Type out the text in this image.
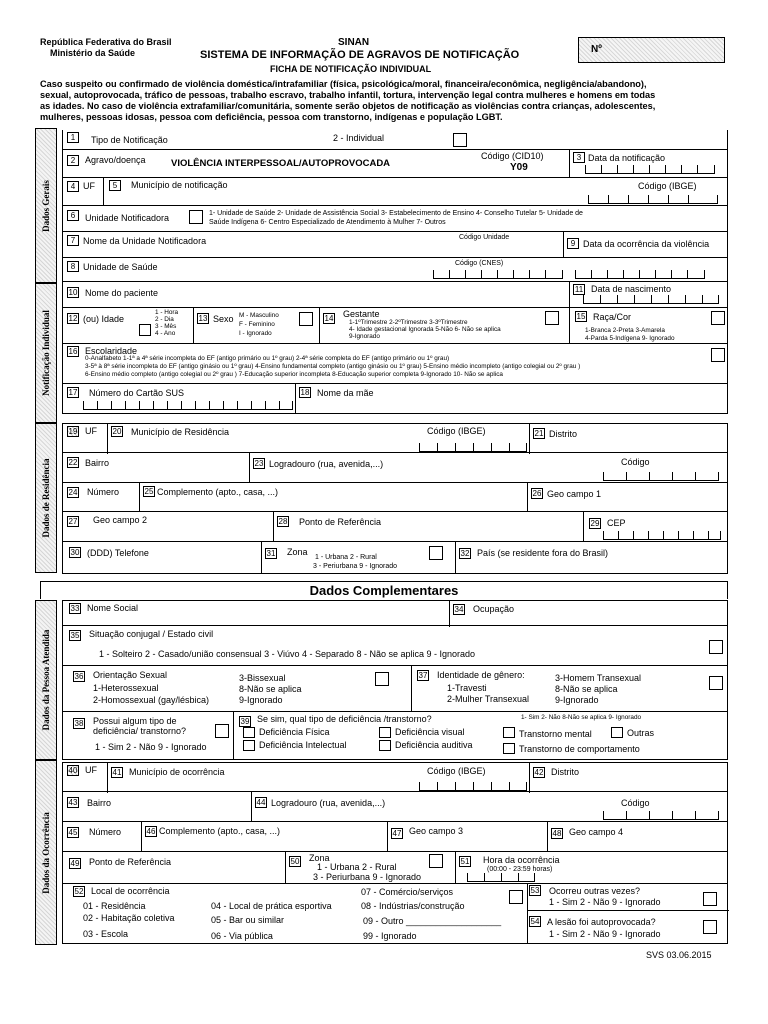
República Federativa do Brasil
Ministério da Saúde
SINAN
SISTEMA DE INFORMAÇÃO DE AGRAVOS DE NOTIFICAÇÃO
FICHA DE NOTIFICAÇÃO INDIVIDUAL
Nº
Caso suspeito ou confirmado de violência doméstica/intrafamiliar (física, psicológica/moral, financeira/econômica, negligência/abandono),
sexual, autoprovocada, tráfico de pessoas, trabalho escravo, trabalho infantil, tortura, intervenção legal contra mulheres e homens em todas
as idades. No caso de violência extrafamiliar/comunitária, somente serão objetos de notificação as violências contra crianças, adolescentes,
mulheres, pessoas idosas, pessoa com deficiência, pessoa com transtorno, indígenas e população LGBT.
Dados Gerais
Notificação Individual
Dados de Residência
Dados da Pessoa Atendida
Dados da Ocorrência
1	Tipo de Notificação	2 - Individual
2	Agravo/doença	VIOLÊNCIA INTERPESSOAL/AUTOPROVOCADA
Código (CID10)
Y09
3 Data da notificação
4 UF	5	Município de notificação	Código (IBGE)
6	Unidade Notificadora	1- Unidade de Saúde 2- Unidade de Assistência Social 3- Estabelecimento de Ensino 4- Conselho Tutelar 5- Unidade de
Saúde Indígena 6- Centro Especializado de Atendimento à Mulher 7- Outros
7 Nome da Unidade Notificadora	Código Unidade
9 Data da ocorrência da violência
8 Unidade de Saúde	Código (CNES)
10 Nome do paciente	11 Data de nascimento
12 (ou) Idade
1 - Hora
2 - Dia
3 - Mês
4 - Ano
13 Sexo M - Masculino
F - Feminino
I - Ignorado
14 Gestante
1-1ºTrimestre 2-2ºTrimestre 3-3ºTrimestre
4- Idade gestacional Ignorada 5-Não 6- Não se aplica
9-Ignorado
15 Raça/Cor
1-Branca 2-Preta 3-Amarela
4-Parda 5-Indígena 9- Ignorado
16 Escolaridade
0-Analfabeto 1-1ª a 4ª série incompleta do EF (antigo primário ou 1º grau) 2-4ª série completa do EF (antigo primário ou 1º grau)
3-5ª à 8ª série incompleta do EF (antigo ginásio ou 1º grau) 4-Ensino fundamental completo (antigo ginásio ou 1º grau) 5-Ensino médio incompleto (antigo colegial ou 2º grau )
6-Ensino médio completo (antigo colegial ou 2º grau ) 7-Educação superior incompleta 8-Educação superior completa 9-Ignorado 10- Não se aplica
17 Número do Cartão SUS	18 Nome da mãe
19 UF 20 Município de Residência	Código (IBGE)	21 Distrito
22 Bairro	23 Logradouro (rua, avenida,...)	Código
24 Número	25 Complemento (apto., casa, ...)	26 Geo campo 1
27 Geo campo 2	28 Ponto de Referência	29 CEP
30 (DDD) Telefone	31 Zona
1 - Urbana 2 - Rural
3 - Periurbana 9 - Ignorado
32 País (se residente fora do Brasil)
Dados Complementares
33 Nome Social	34 Ocupação
35 Situação conjugal / Estado civil
1 - Solteiro 2 - Casado/união consensual 3 - Viúvo 4 - Separado 8 - Não se aplica 9 - Ignorado
36 Orientação Sexual
1-Heterossexual
2-Homossexual (gay/lésbica)
3-Bissexual
8-Não se aplica
9-Ignorado
37 Identidade de gênero:
1-Travesti
2-Mulher Transexual
3-Homem Transexual
8-Não se aplica
9-Ignorado
38 Possui algum tipo de
deficiência/ transtorno?
1 - Sim 2 - Não 9 - Ignorado
39 Se sim, qual tipo de deficiência /transtorno?	1- Sim 2- Não 8-Não se aplica 9- Ignorado
Deficiência Física
Deficiência Intelectual
Deficiência visual
Deficiência auditiva
Transtorno mental	Outras
Transtorno de comportamento
40 UF 41 Município de ocorrência	Código (IBGE)	42 Distrito
43 Bairro	44 Logradouro (rua, avenida,...)	Código
45 Número	46 Complemento (apto., casa, ...)	47 Geo campo 3	48 Geo campo 4
49 Ponto de Referência	50 Zona
1 - Urbana 2 - Rural
3 - Periurbana 9 - Ignorado
51 Hora da ocorrência
(00:00 - 23:59 horas)
52 Local de ocorrência
01 - Residência
02 - Habitação coletiva
03 - Escola
04 - Local de prática esportiva
05 - Bar ou similar
06 - Via pública
07 - Comércio/serviços
08 - Indústrias/construção
09 - Outro ___________________
99 - Ignorado
53 Ocorreu outras vezes?
1 - Sim 2 - Não 9 - Ignorado
54 A lesão foi autoprovocada?
1 - Sim 2 - Não 9 - Ignorado
SVS 03.06.2015
